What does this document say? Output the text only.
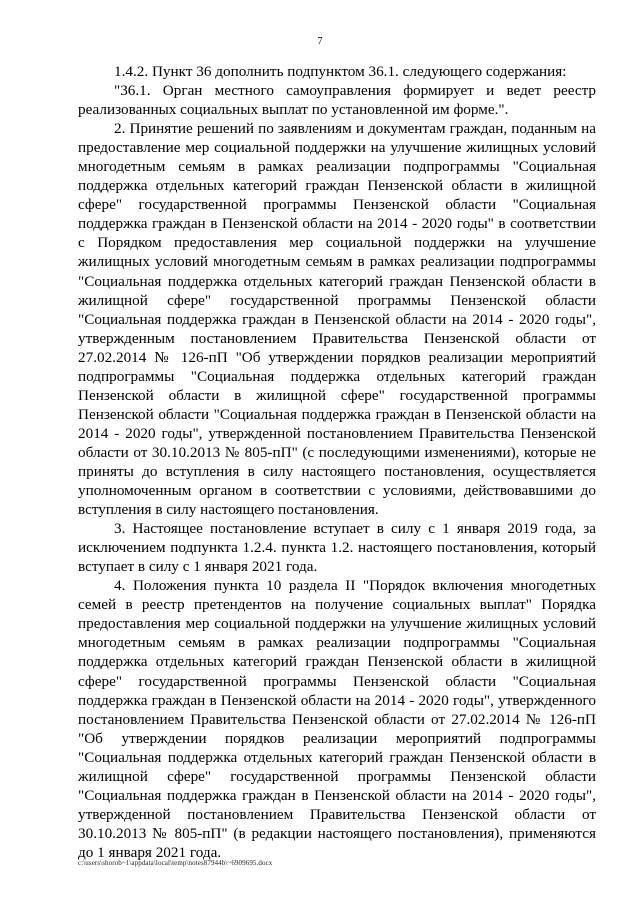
7

1.4.2. Пункт 36 дополнить подпунктом 36.1. следующего содержания:

"36.1. Орган местного самоуправления формирует и ведет реестр реализованных социальных выплат по установленной им форме.".

2. Принятие решений по заявлениям и документам граждан, поданным на предоставление мер социальной поддержки на улучшение жилищных условий многодетным семьям в рамках реализации подпрограммы "Социальная поддержка отдельных категорий граждан Пензенской области в жилищной сфере" государственной программы Пензенской области "Социальная поддержка граждан в Пензенской области на 2014 - 2020 годы" в соответствии с Порядком предоставления мер социальной поддержки на улучшение жилищных условий многодетным семьям в рамках реализации подпрограммы "Социальная поддержка отдельных категорий граждан Пензенской области в жилищной сфере" государственной программы Пензенской области "Социальная поддержка граждан в Пензенской области на 2014 - 2020 годы", утвержденным постановлением Правительства Пензенской области от 27.02.2014 № 126-пП "Об утверждении порядков реализации мероприятий подпрограммы "Социальная поддержка отдельных категорий граждан Пензенской области в жилищной сфере" государственной программы Пензенской области "Социальная поддержка граждан в Пензенской области на 2014 - 2020 годы", утвержденной постановлением Правительства Пензенской области от 30.10.2013 № 805-пП" (с последующими изменениями), которые не приняты до вступления в силу настоящего постановления, осуществляется уполномоченным органом в соответствии с условиями, действовавшими до вступления в силу настоящего постановления.

3. Настоящее постановление вступает в силу с 1 января 2019 года, за исключением подпункта 1.2.4. пункта 1.2. настоящего постановления, который вступает в силу с 1 января 2021 года.

4. Положения пункта 10 раздела II "Порядок включения многодетных семей в реестр претендентов на получение социальных выплат" Порядка предоставления мер социальной поддержки на улучшение жилищных условий многодетным семьям в рамках реализации подпрограммы "Социальная поддержка отдельных категорий граждан Пензенской области в жилищной сфере" государственной программы Пензенской области "Социальная поддержка граждан в Пензенской области на 2014 - 2020 годы", утвержденного постановлением Правительства Пензенской области от 27.02.2014 № 126-пП "Об утверждении порядков реализации мероприятий подпрограммы "Социальная поддержка отдельных категорий граждан Пензенской области в жилищной сфере" государственной программы Пензенской области "Социальная поддержка граждан в Пензенской области на 2014 - 2020 годы", утвержденной постановлением Правительства Пензенской области от 30.10.2013 № 805-пП" (в редакции настоящего постановления), применяются до 1 января 2021 года.

c:\users\shorob~1\appdata\local\temp\notes87944b\~6909695.docx
